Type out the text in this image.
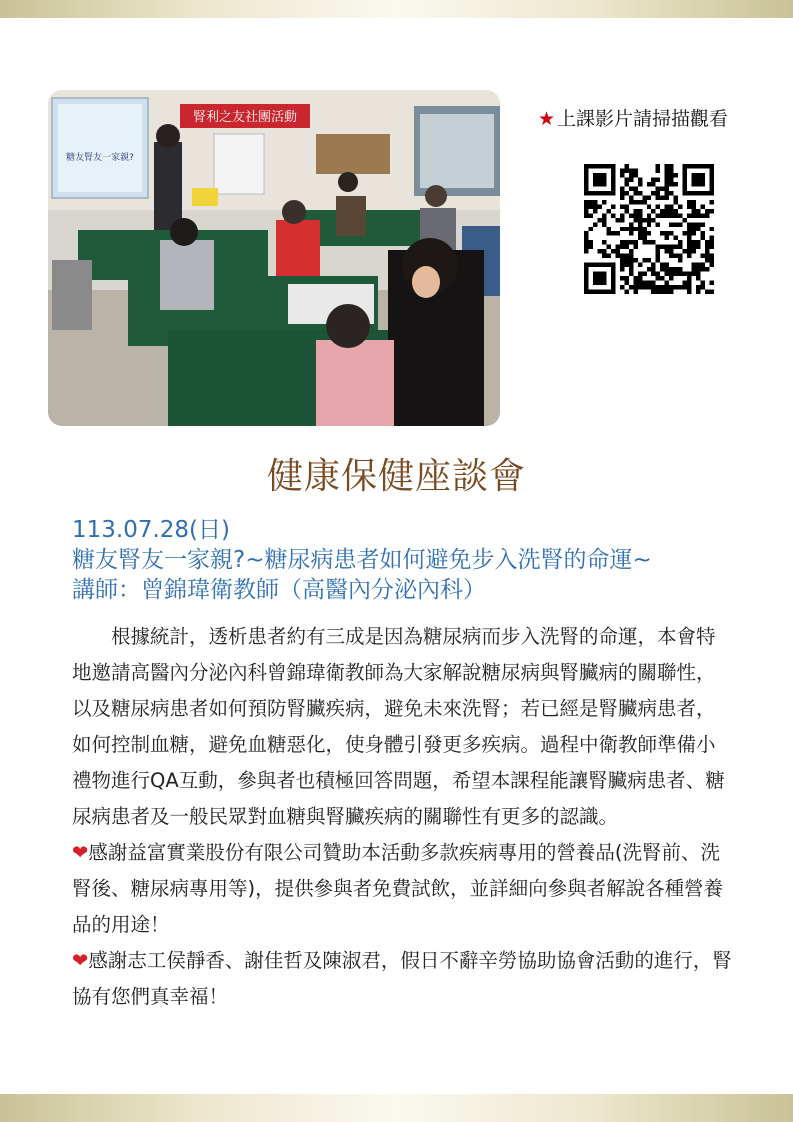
糖友腎友一家親?
腎利之友社團活動	★ 上課影片請掃描觀看
健康保健座談會
113.07.28(日)
糖友腎友一家親?~糖尿病患者如何避免步入洗腎的命運~
講師：曾錦瑋衛教師（高醫內分泌內科）

根據統計，透析患者約有三成是因為糖尿病而步入洗腎的命運，本會特地邀請高醫內分泌內科曾錦瑋衛教師為大家解說糖尿病與腎臟病的關聯性，以及糖尿病患者如何預防腎臟疾病，避免未來洗腎；若已經是腎臟病患者，如何控制血糖，避免血糖惡化，使身體引發更多疾病。過程中衛教師準備小禮物進行QA互動，參與者也積極回答問題，希望本課程能讓腎臟病患者、糖尿病患者及一般民眾對血糖與腎臟疾病的關聯性有更多的認識。

❤感謝益富實業股份有限公司贊助本活動多款疾病專用的營養品(洗腎前、洗腎後、糖尿病專用等)，提供參與者免費試飲，並詳細向參與者解說各種營養品的用途！

❤感謝志工侯靜香、謝佳哲及陳淑君，假日不辭辛勞協助協會活動的進行，腎協有您們真幸福！
